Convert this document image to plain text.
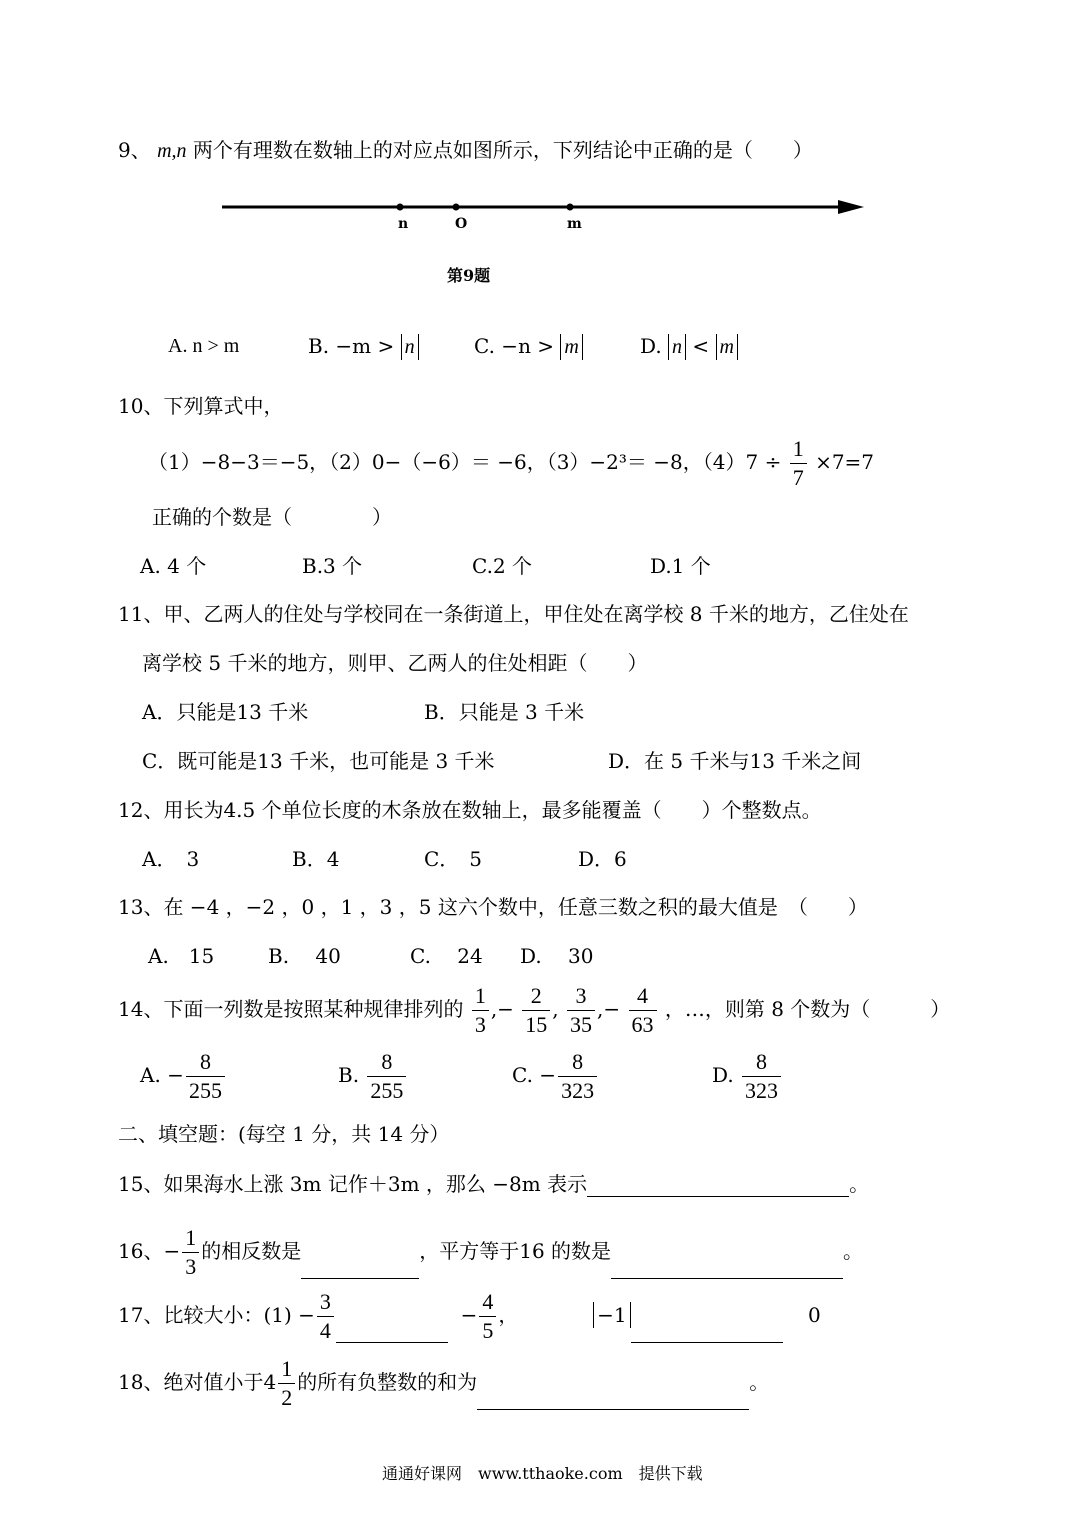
9、 m,n 两个有理数在数轴上的对应点如图所示，下列结论中正确的是（　　）
n	O	m
第9题
A. n > m	B. −m > n	C. −n > m	D. n < m
10、下列算式中，
（1）−8−3＝−5，（2）0−（−6）＝ −6，（3）−2³＝ −8，$(4)7 \div \frac{1}{7} \times 7=7$
正确的个数是（　　　　）
A. 4 个	B.3 个	C.2 个	D.1 个
11、甲、乙两人的住处与学校同在一条街道上，甲住处在离学校 8 千米的地方，乙住处在
离学校 5 千米的地方，则甲、乙两人的住处相距（　　）
A．只能是13 千米	B．只能是 3 千米
C．既可能是13 千米，也可能是 3 千米	D．在 5 千米与13 千米之间
12、用长为4.5 个单位长度的木条放在数轴上，最多能覆盖（　　）个整数点。
A．　3	B．4	C．　5	D．6
13、在 −4 ，−2 ，0 ，1 ，3 ，5 这六个数中，任意三数之积的最大值是　（　　）
A.　15	B.　 40	C.　 24 D.　 30
14、下面一列数是按照某种规律排列的 $\frac{1}{3}$ ,− $\frac{2}{15}$ , $\frac{3}{35}$ ,− $\frac{4}{63}$ ，…，则第 8 个数为（　　　）
A. − $\frac{8}{255}$	B. $\frac{8}{255}$	C. − $\frac{8}{323}$	D. $\frac{8}{323}$
二、填空题：(每空 1 分，共 14 分）
15、如果海水上涨 3m 记作＋3m ，那么 −8m 表示	。
16、− $\frac{1}{3}$ 的相反数是	，平方等于16 的数是	。
17、比较大小：$(1) - \frac{3}{4}$	− $\frac{4}{5}$ ，	−1	0
18、绝对值小于$4 \frac{1}{2}$ 的所有负整数的和为	。
通通好课网　www.tthaoke.com　提供下载
